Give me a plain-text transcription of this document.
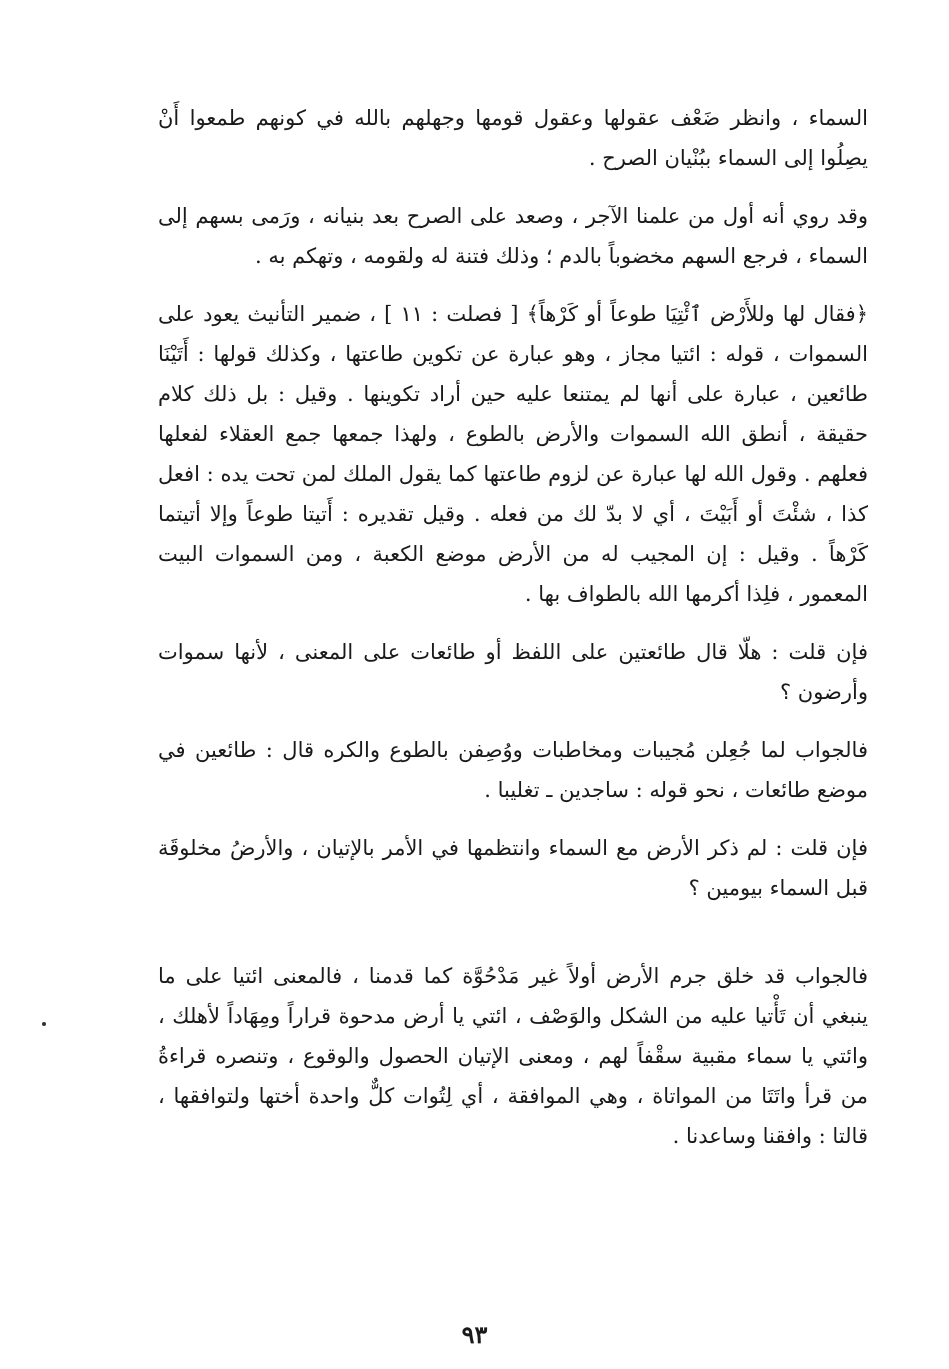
السماء ، وانظر ضَعْف عقولها وعقول قومها وجهلهم بالله في كونهم طمعوا أَنْ يصِلُوا إلى السماء ببُنْيان الصرح .

وقد روي أنه أول من علمنا الآجر ، وصعد على الصرح بعد بنيانه ، ورَمى بسهم إلى السماء ، فرجع السهم مخضوباً بالدم ؛ وذلك فتنة له ولقومه ، وتهكم به .

﴿فقال لها وللأَرْض ٱئْتِيَا طوعاً أو كَرْهاً﴾ [ فصلت : ١١ ] ، ضمير التأنيث يعود على السموات ، قوله : ائتيا مجاز ، وهو عبارة عن تكوين طاعتها ، وكذلك قولها : أَتَيْنَا طائعين ، عبارة على أنها لم يمتنعا عليه حين أراد تكوينها . وقيل : بل ذلك كلام حقيقة ، أنطق الله السموات والأرض بالطوع ، ولهذا جمعها جمع العقلاء لفعلها فعلهم . وقول الله لها عبارة عن لزوم طاعتها كما يقول الملك لمن تحت يده : افعل كذا ، شئْتَ أو أَبَيْتَ ، أي لا بدّ لك من فعله . وقيل تقديره : أَتيتا طوعاً وإلا أتيتما كَرْهاً . وقيل : إن المجيب له من الأرض موضع الكعبة ، ومن السموات البيت المعمور ، فلِذا أكرمها الله بالطواف بها .

فإن قلت : هلّا قال طائعتين على اللفظ أو طائعات على المعنى ، لأنها سموات وأرضون ؟

فالجواب لما جُعِلن مُجيبات ومخاطبات ووُصِفن بالطوع والكره قال : طائعين في موضع طائعات ، نحو قوله : ساجدين ـ تغليبا .

فإن قلت : لم ذكر الأرض مع السماء وانتظمها في الأمر بالإتيان ، والأرضُ مخلوقَة قبل السماء بيومين ؟

فالجواب قد خلق جرم الأرض أولاً غير مَدْحُوَّة كما قدمنا ، فالمعنى ائتيا على ما ينبغي أن تَأْتيا عليه من الشكل والوَصْف ، ائتي يا أرض مدحوة قراراً ومِهَاداً لأهلك ، وائتي يا سماء مقبية سقْفاً لهم ، ومعنى الإتيان الحصول والوقوع ، وتنصره قراءةُ من قرأ واتَتَا من المواتاة ، وهي الموافقة ، أي لِتُوات كلٌّ واحدة أختها ولتوافقها ، قالتا : وافقنا وساعدنا .

٩٣
